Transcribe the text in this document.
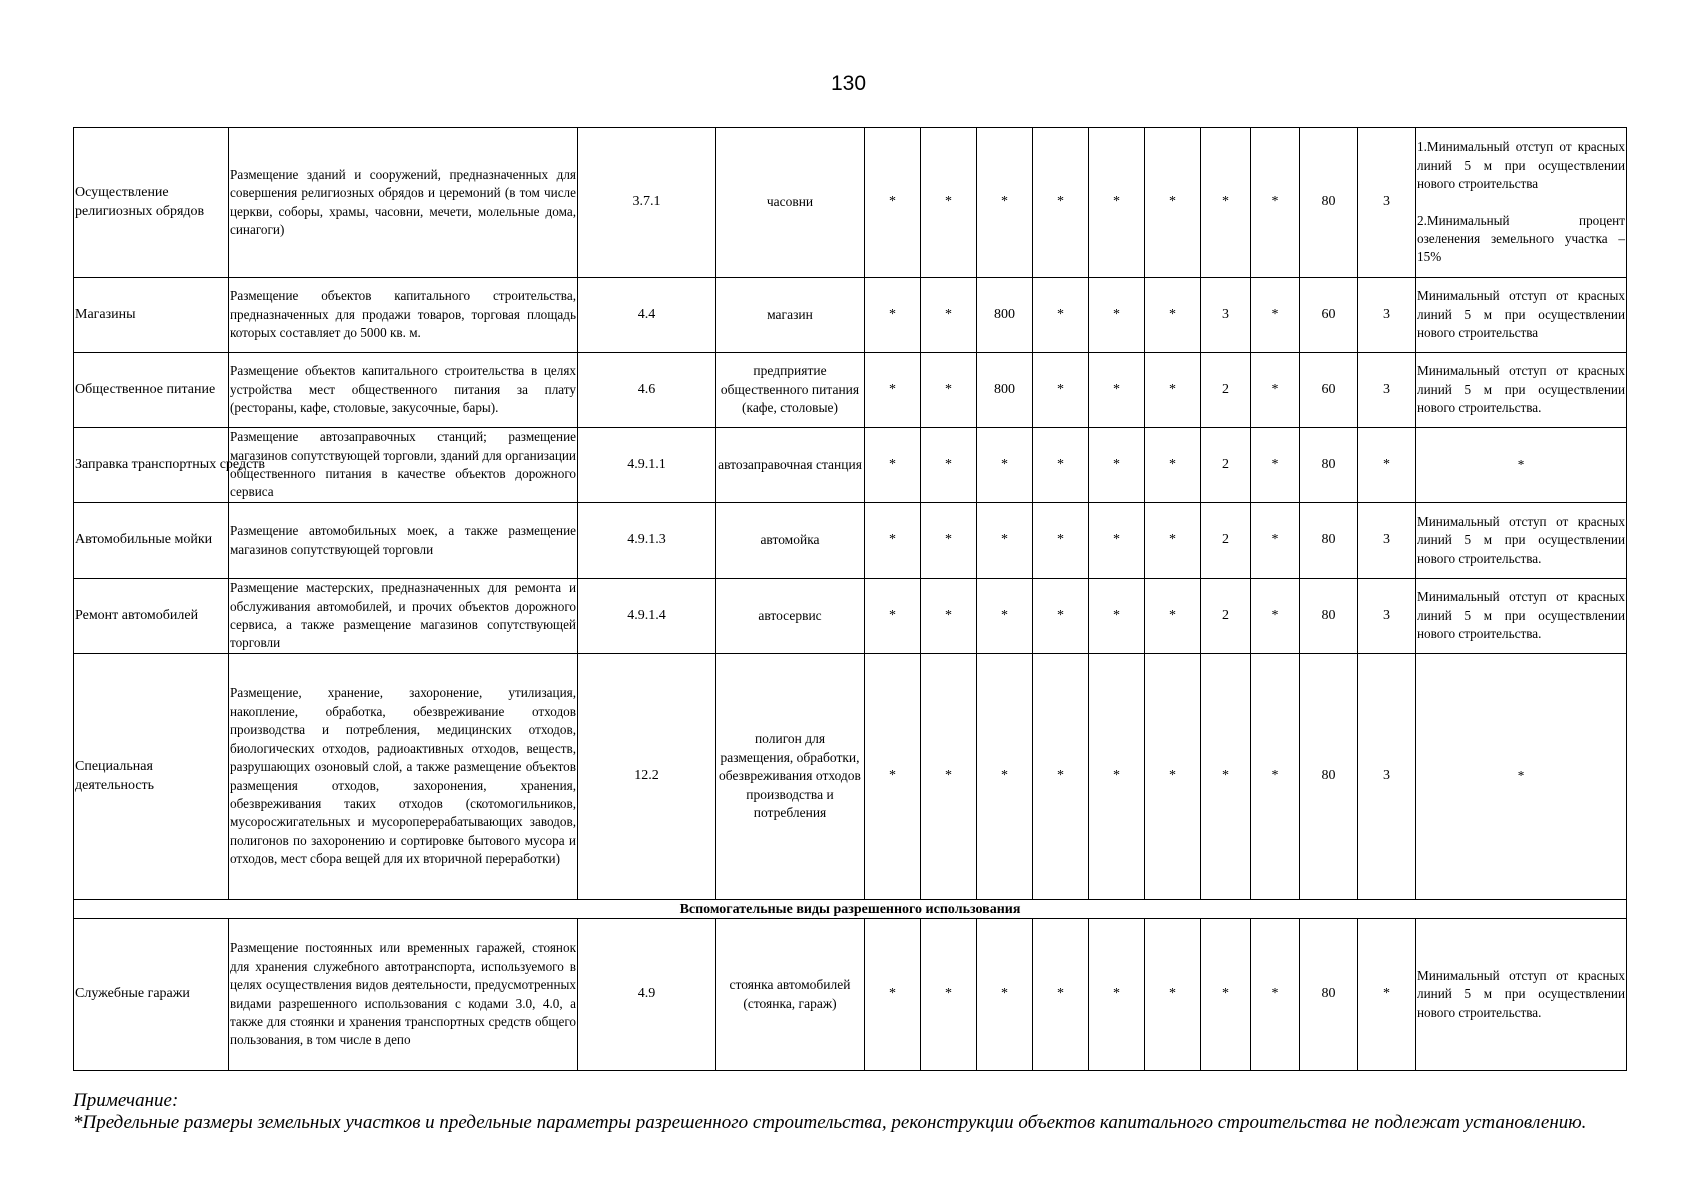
130
Осуществление религиозных обрядов	Размещение зданий и сооружений, предназначенных для совершения религиозных обрядов и церемоний (в том числе церкви, соборы, храмы, часовни, мечети, молельные дома, синагоги)	3.7.1	часовни	*	*	*	*	*	*	*	*	80	3	1.Минимальный отступ от красных линий 5 м при осуществлении нового строительства
2.Минимальный процент озеленения земельного участка – 15%

Магазины	Размещение объектов капитального строительства, предназначенных для продажи товаров, торговая площадь которых составляет до 5000 кв. м.	4.4	магазин	*	*	800	*	*	*	3	*	60	3	Минимальный отступ от красных линий 5 м при осуществлении нового строительства
Общественное питание	Размещение объектов капитального строительства в целях устройства мест общественного питания за плату (рестораны, кафе, столовые, закусочные, бары).	4.6	предприятие общественного питания (кафе, столовые)	*	*	800	*	*	*	2	*	60	3	Минимальный отступ от красных линий 5 м при осуществлении нового строительства.
Заправка транспортных средств	Размещение автозаправочных станций; размещение магазинов сопутствующей торговли, зданий для организации общественного питания в качестве объектов дорожного сервиса	4.9.1.1	автозаправочная станция	*	*	*	*	*	*	2	*	80	*	*
Автомобильные мойки	Размещение автомобильных моек, а также размещение магазинов сопутствующей торговли	4.9.1.3	автомойка	*	*	*	*	*	*	2	*	80	3	Минимальный отступ от красных линий 5 м при осуществлении нового строительства.
Ремонт автомобилей	Размещение мастерских, предназначенных для ремонта и обслуживания автомобилей, и прочих объектов дорожного сервиса, а также размещение магазинов сопутствующей торговли	4.9.1.4	автосервис	*	*	*	*	*	*	2	*	80	3	Минимальный отступ от красных линий 5 м при осуществлении нового строительства.
Специальная деятельность	Размещение, хранение, захоронение, утилизация, накопление, обработка, обезвреживание отходов производства и потребления, медицинских отходов, биологических отходов, радиоактивных отходов, веществ, разрушающих озоновый слой, а также размещение объектов размещения отходов, захоронения, хранения, обезвреживания таких отходов (скотомогильников, мусоросжигательных и мусороперерабатывающих заводов, полигонов по захоронению и сортировке бытового мусора и отходов, мест сбора вещей для их вторичной переработки)	12.2	полигон для размещения, обработки, обезвреживания отходов производства и потребления	*	*	*	*	*	*	*	*	80	3	*
Вспомогательные виды разрешенного использования														
Служебные гаражи	Размещение постоянных или временных гаражей, стоянок для хранения служебного автотранспорта, используемого в целях осуществления видов деятельности, предусмотренных видами разрешенного использования с кодами 3.0, 4.0, а также для стоянки и хранения транспортных средств общего пользования, в том числе в депо	4.9	стоянка автомобилей (стоянка, гараж)	*	*	*	*	*	*	*	*	80	*	Минимальный отступ от красных линий 5 м при осуществлении нового строительства.
Примечание:
*Предельные размеры земельных участков и предельные параметры разрешенного строительства, реконструкции объектов капитального строительства не подлежат установлению.
